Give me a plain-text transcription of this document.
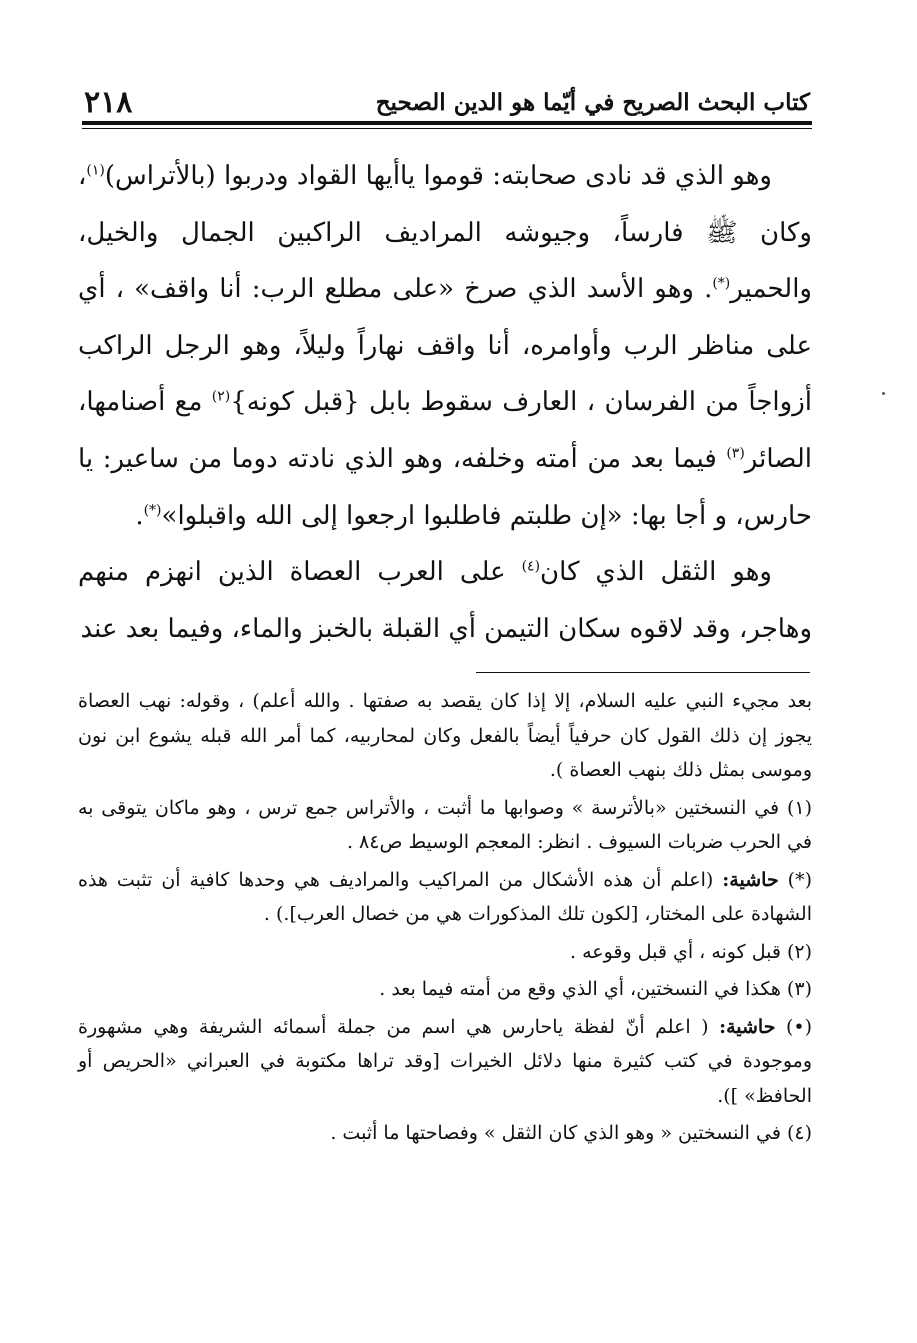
٢١٨	كتاب البحث الصريح في أيّما هو الدين الصحيح

وهو الذي قد نادى صحابته: قوموا ياأيها القواد ودربوا (بالأتراس)$^{(١)}$، وكان ﷺ فارساً، وجيوشه المراديف الراكبين الجمال والخيل، والحمير(*). وهو الأسد الذي صرخ «على مطلع الرب: أنا واقف» ، أي على مناظر الرب وأوامره، أنا واقف نهاراً وليلاً، وهو الرجل الراكب أزواجاً من الفرسان ، العارف سقوط بابل {قبل كونه}$^{(٢)}$ مع أصنامها، الصائر$^{(٣)}$ فيما بعد من أمته وخلفه، وهو الذي نادته دوما من ساعير: يا حارس، و أجا بها: «إن طلبتم فاطلبوا ارجعوا إلى الله واقبلوا»(*).

وهو الثقل الذي كان$^{(٤)}$ على العرب العصاة الذين انهزم منهم وهاجر، وقد لاقوه سكان التيمن أي القبلة بالخبز والماء، وفيما بعد عند

بعد مجيء النبي عليه السلام، إلا إذا كان يقصد به صفتها . والله أعلم) ، وقوله: نهب العصاة يجوز إن ذلك القول كان حرفياً أيضاً بالفعل وكان لمحاربيه، كما أمر الله قبله يشوع ابن نون وموسى بمثل ذلك بنهب العصاة ).

(١) في النسختين «بالأترسة » وصوابها ما أثبت ، والأتراس جمع ترس ، وهو ماكان يتوقى به في الحرب ضربات السيوف . انظر: المعجم الوسيط ص٨٤ .

(*) حاشية: (اعلم أن هذه الأشكال من المراكيب والمراديف هي وحدها كافية أن تثبت هذه الشهادة على المختار، [لكون تلك المذكورات هي من خصال العرب].) .

(٢) قبل كونه ، أي قبل وقوعه .

(٣) هكذا في النسختين، أي الذي وقع من أمته فيما بعد .

(•) حاشية: ( اعلم أنّ لفظة ياحارس هي اسم من جملة أسمائه الشريفة وهي مشهورة وموجودة في كتب كثيرة منها دلائل الخيرات [وقد تراها مكتوبة في العبراني «الحريص أو الحافظ» ]).

(٤) في النسختين « وهو الذي كان الثقل » وفصاحتها ما أثبت .
